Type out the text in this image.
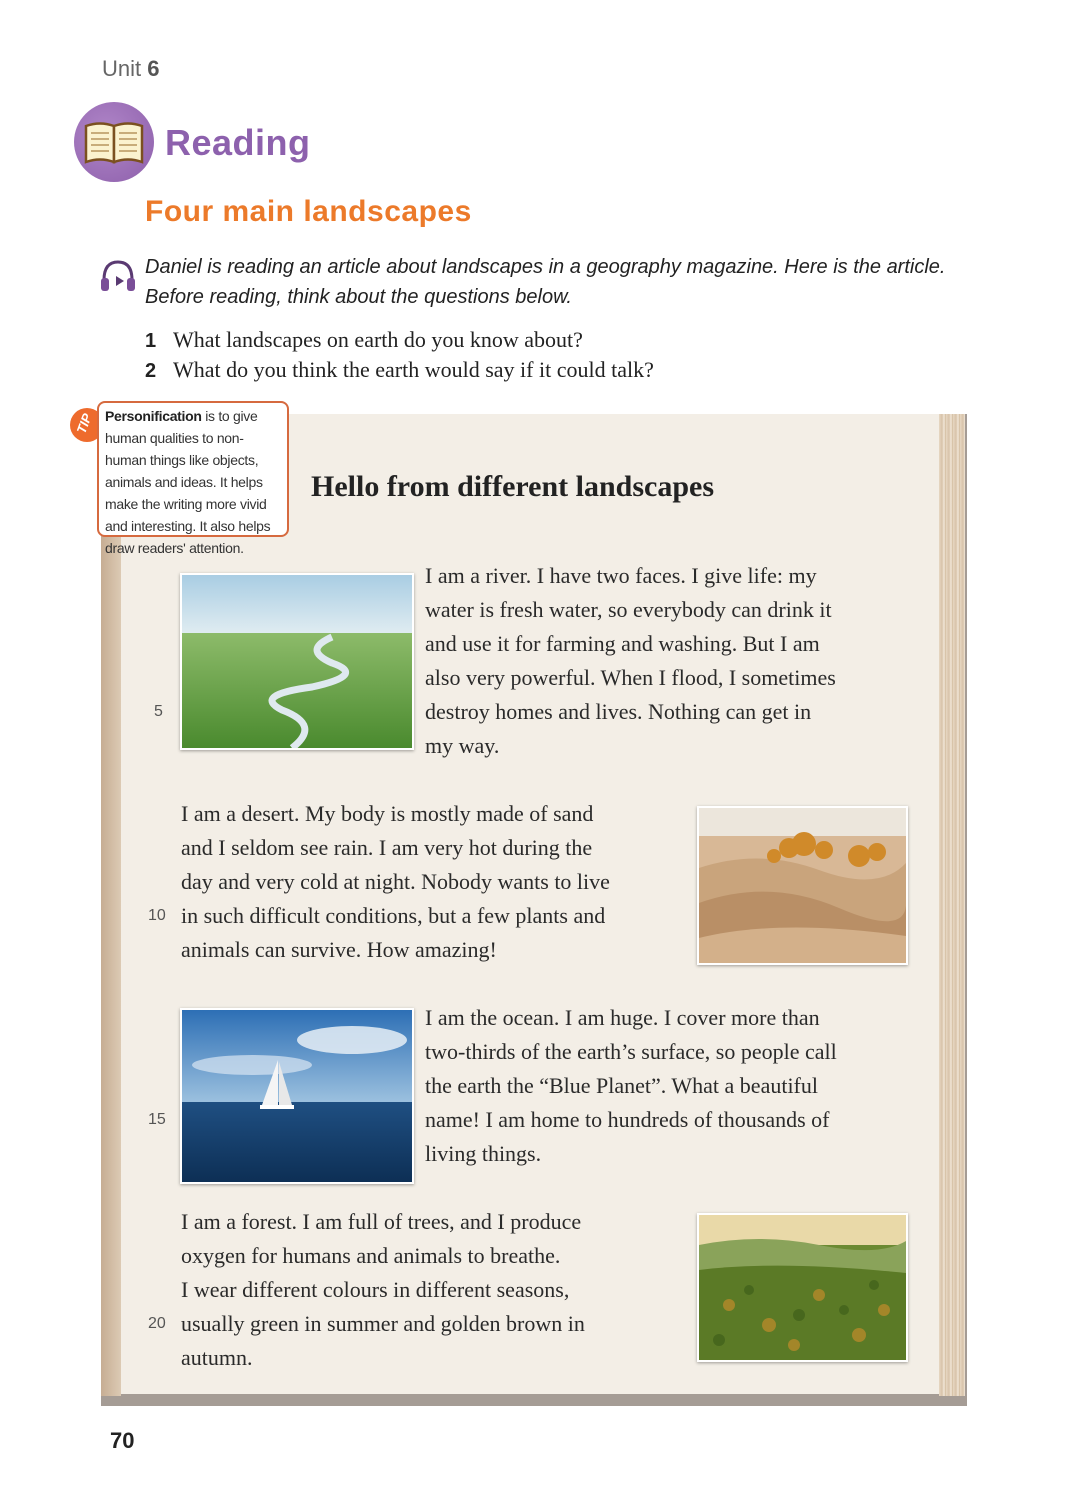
Unit 6
Reading
Four main landscapes
Daniel is reading an article about landscapes in a geography magazine. Here is the article.
Before reading, think about the questions below.
1 What landscapes on earth do you know about?
2 What do you think the earth would say if it could talk?
TIP Personification is to give human qualities to non-human things like objects, animals and ideas. It helps make the writing more vivid and interesting. It also helps draw readers' attention.
Hello from different landscapes
I am a river. I have two faces. I give life: my
water is fresh water, so everybody can drink it
and use it for farming and washing. But I am
also very powerful. When I flood, I sometimes
destroy homes and lives. Nothing can get in
my way.
5
I am a desert. My body is mostly made of sand
and I seldom see rain. I am very hot during the
day and very cold at night. Nobody wants to live
in such difficult conditions, but a few plants and
animals can survive. How amazing!
10
I am the ocean. I am huge. I cover more than
two-thirds of the earth’s surface, so people call
the earth the “Blue Planet”. What a beautiful
name! I am home to hundreds of thousands of
living things.
15
I am a forest. I am full of trees, and I produce
oxygen for humans and animals to breathe.
I wear different colours in different seasons,
usually green in summer and golden brown in
autumn.
20
70
